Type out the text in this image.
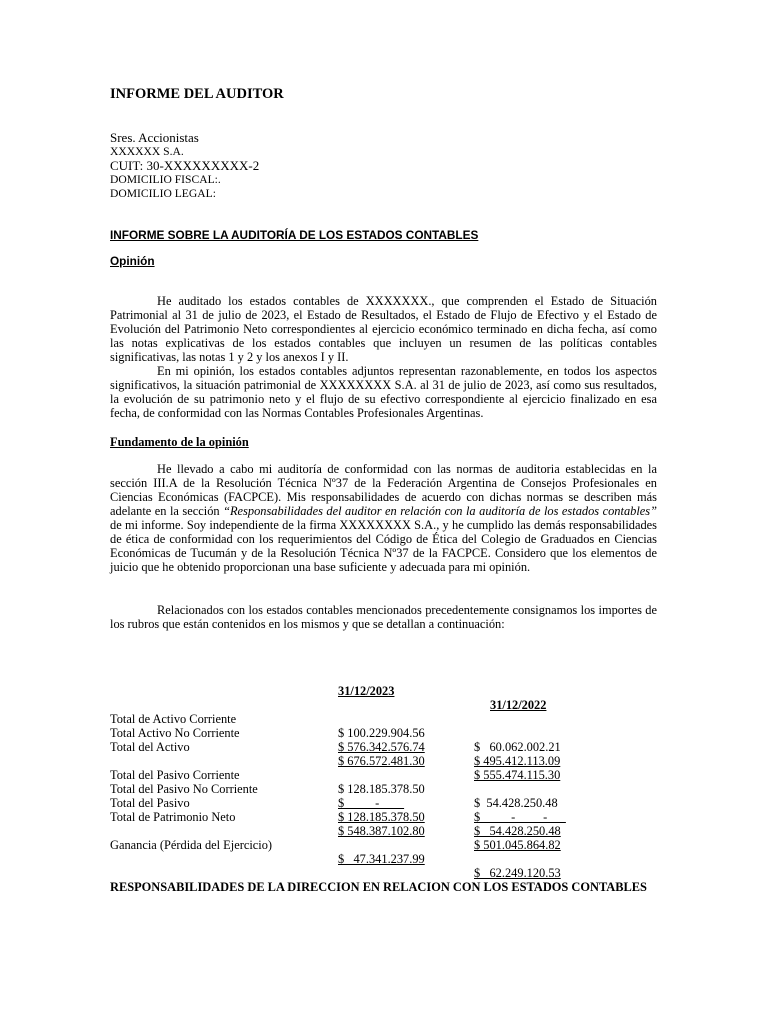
INFORME DEL AUDITOR
Sres. Accionistas
XXXXXX S.A.
CUIT: 30-XXXXXXXXX-2
DOMICILIO FISCAL:.
DOMICILIO LEGAL:
INFORME SOBRE LA AUDITORÍA DE LOS ESTADOS CONTABLES
Opinión

He auditado los estados contables de XXXXXXX., que comprenden el Estado de Situación Patrimonial al 31 de julio de 2023, el Estado de Resultados, el Estado de Flujo de Efectivo y el Estado de Evolución del Patrimonio Neto correspondientes al ejercicio económico terminado en dicha fecha, así como las notas explicativas de los estados contables que incluyen un resumen de las políticas contables significativas, las notas 1 y 2 y los anexos I y II.

En mi opinión, los estados contables adjuntos representan razonablemente, en todos los aspectos significativos, la situación patrimonial de XXXXXXXX S.A. al 31 de julio de 2023, así como sus resultados, la evolución de su patrimonio neto y el flujo de su efectivo correspondiente al ejercicio finalizado en esa fecha, de conformidad con las Normas Contables Profesionales Argentinas.

Fundamento de la opinión

He llevado a cabo mi auditoría de conformidad con las normas de auditoria establecidas en la sección III.A de la Resolución Técnica Nº37 de la Federación Argentina de Consejos Profesionales en Ciencias Económicas (FACPCE). Mis responsabilidades de acuerdo con dichas normas se describen más adelante en la sección “Responsabilidades del auditor en relación con la auditoría de los estados contables” de mi informe. Soy independiente de la firma XXXXXXXX S.A., y he cumplido las demás responsabilidades de ética de conformidad con los requerimientos del Código de Ética del Colegio de Graduados en Ciencias Económicas de Tucumán y de la Resolución Técnica Nº37 de la FACPCE. Considero que los elementos de juicio que he obtenido proporcionan una base suficiente y adecuada para mi opinión.

Relacionados con los estados contables mencionados precedentemente consignamos los importes de los rubros que están contenidos en los mismos y que se detallan a continuación:

31/12/2023

31/12/2022

Total de Activo Corriente

$ 100.229.904.56

$   60.062.002.21

Total Activo No Corriente

$ 576.342.576.74

$ 495.412.113.09

Total del Activo

$ 676.572.481.30

$ 555.474.115.30

Total del Pasivo Corriente

$ 128.185.378.50

$  54.428.250.48

Total del Pasivo No Corriente

$          -

$          -         -

Total del Pasivo

$ 128.185.378.50

$   54.428.250.48

Total de Patrimonio Neto

$ 548.387.102.80

$ 501.045.864.82

Ganancia (Pérdida del Ejercicio)

$   47.341.237.99

$   62.249.120.53

RESPONSABILIDADES DE LA DIRECCION EN RELACION CON LOS ESTADOS CONTABLES
